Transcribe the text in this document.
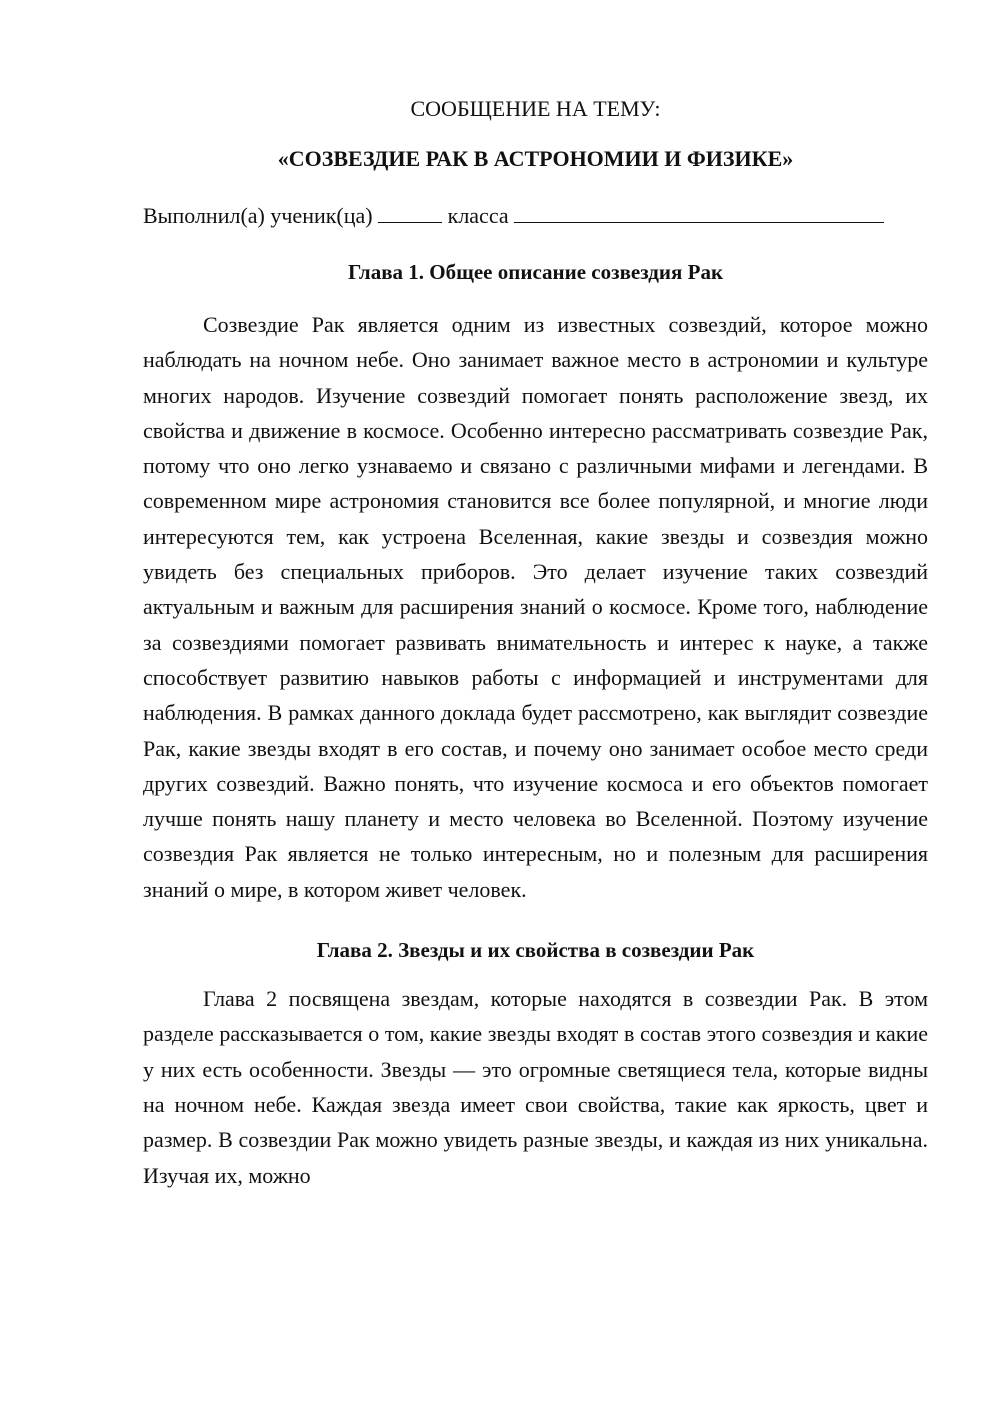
СООБЩЕНИЕ НА ТЕМУ:

«СОЗВЕЗДИЕ РАК В АСТРОНОМИИ И ФИЗИКЕ»

Выполнил(а) ученик(ца)	класса
Глава 1. Общее описание созвездия Рак

Созвездие Рак является одним из известных созвездий, которое можно наблюдать на ночном небе. Оно занимает важное место в астрономии и культуре многих народов. Изучение созвездий помогает понять расположение звезд, их свойства и движение в космосе. Особенно интересно рассматривать созвездие Рак, потому что оно легко узнаваемо и связано с различными мифами и легендами. В современном мире астрономия становится все более популярной, и многие люди интересуются тем, как устроена Вселенная, какие звезды и созвездия можно увидеть без специальных приборов. Это делает изучение таких созвездий актуальным и важным для расширения знаний о космосе. Кроме того, наблюдение за созвездиями помогает развивать внимательность и интерес к науке, а также способствует развитию навыков работы с информацией и инструментами для наблюдения. В рамках данного доклада будет рассмотрено, как выглядит созвездие Рак, какие звезды входят в его состав, и почему оно занимает особое место среди других созвездий. Важно понять, что изучение космоса и его объектов помогает лучше понять нашу планету и место человека во Вселенной. Поэтому изучение созвездия Рак является не только интересным, но и полезным для расширения знаний о мире, в котором живет человек.

Глава 2. Звезды и их свойства в созвездии Рак

Глава 2 посвящена звездам, которые находятся в созвездии Рак. В этом разделе рассказывается о том, какие звезды входят в состав этого созвездия и какие у них есть особенности. Звезды — это огромные светящиеся тела, которые видны на ночном небе. Каждая звезда имеет свои свойства, такие как яркость, цвет и размер. В созвездии Рак можно увидеть разные звезды, и каждая из них уникальна. Изучая их, можно
